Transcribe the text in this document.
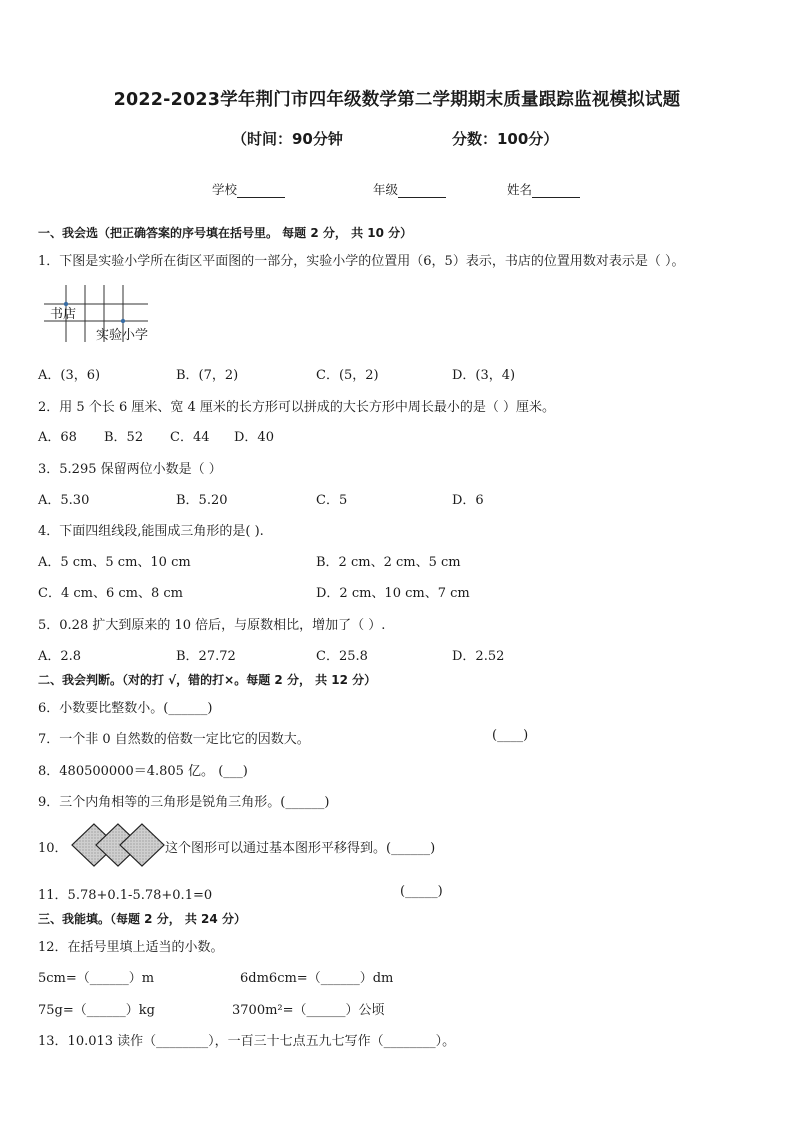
2022-2023学年荆门市四年级数学第二学期期末质量跟踪监视模拟试题
（时间：90分钟	分数：100分）
学校	年级	姓名
一、我会选（把正确答案的序号填在括号里。 每题 2 分， 共 10 分）
1．下图是实验小学所在街区平面图的一部分，实验小学的位置用（6，5）表示，书店的位置用数对表示是（ ）。
书店
实验小学
A．(3，6)	B．(7，2)	C．(5，2)	D．(3，4)
2．用 5 个长 6 厘米、宽 4 厘米的长方形可以拼成的大长方形中周长最小的是（ ）厘米。
A．68 B．52 C．44 D．40
3．5.295 保留两位小数是（ ）
A．5.30	B．5.20	C．5	D．6
4．下面四组线段,能围成三角形的是( ).
A．5 cm、5 cm、10 cm	B．2 cm、2 cm、5 cm
C．4 cm、6 cm、8 cm	D．2 cm、10 cm、7 cm
5．0.28 扩大到原来的 10 倍后，与原数相比，增加了（ ）.
A．2.8	B．27.72	C．25.8	D．2.52
二、我会判断。（对的打 √，错的打×。每题 2 分， 共 12 分）
6．小数要比整数小。(______)
7．一个非 0 自然数的倍数一定比它的因数大。	(____)
8．480500000＝4.805 亿。 (___)
9．三个内角相等的三角形是锐角三角形。(______)
10．	这个图形可以通过基本图形平移得到。(______)
11．5.78+0.1-5.78+0.1=0	(_____)
三、我能填。（每题 2 分， 共 24 分）
12．在括号里填上适当的小数。
5cm=（______）m	6dm6cm=（______）dm
75g=（______）kg	3700m²=（______）公顷
13．10.013 读作（________），一百三十七点五九七写作（________）。
